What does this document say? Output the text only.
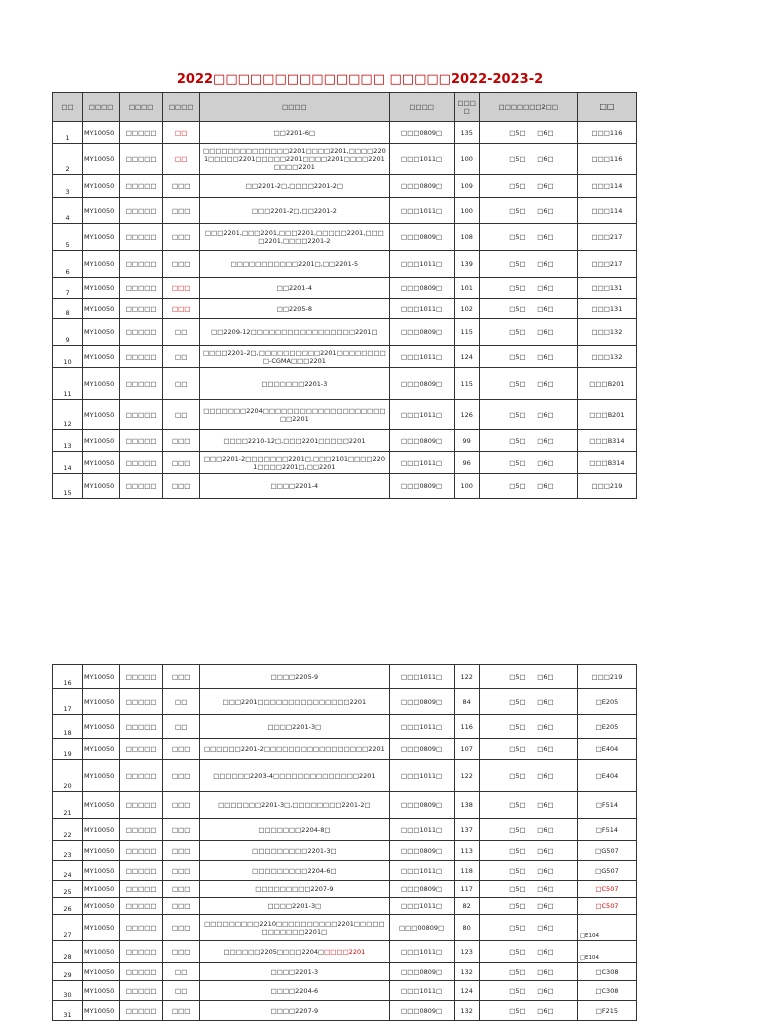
2022□□□□□□□□□□□□□□ □□□□□2022-2023-2
□□	□□□□	□□□□	□□□□	□□□□	□□□□	□□□□	□□□□□□□2□□	□□
1	MY10050	□□□□□	□□	□□2201-6□	□□□0809□	135	□5□ □6□	□□□116
2	MY10050	□□□□□	□□	□□□□□□□□□□□□□□2201□□□□2201,□□□□2201□□□□□2201□□□□□2201□□□□2201□□□□2201□□□□2201	□□□1011□	100	□5□ □6□	□□□116
3	MY10050	□□□□□	□□□	□□2201-2□,□□□□2201-2□	□□□0809□	109	□5□ □6□	□□□114
4	MY10050	□□□□□	□□□	□□□2201-2□,□□2201-2	□□□1011□	100	□5□ □6□	□□□114
5	MY10050	□□□□□	□□□	□□□2201,□□□2201,□□□2201,□□□□□2201,□□□□2201,□□□□2201-2	□□□0809□	108	□5□ □6□	□□□217
6	MY10050	□□□□□	□□□	□□□□□□□□□□□2201□,□□2201-5	□□□1011□	139	□5□ □6□	□□□217
7	MY10050	□□□□□	□□□	□□2201-4	□□□0809□	101	□5□ □6□	□□□131
8	MY10050	□□□□□	□□□	□□2205-8	□□□1011□	102	□5□ □6□	□□□131
9	MY10050	□□□□□	□□	□□2209-12□□□□□□□□□□□□□□□□□2201□	□□□0809□	115	□5□ □6□	□□□132
10	MY10050	□□□□□	□□	□□□□2201-2□,□□□□□□□□□□2201□□□□□□□□□-CGMA□□□2201	□□□1011□	124	□5□ □6□	□□□132
11	MY10050	□□□□□	□□	□□□□□□□2201-3	□□□0809□	115	□5□ □6□	□□□B201
12	MY10050	□□□□□	□□	□□□□□□□2204□□□□□□□□□□□□□□□□□□□□□□2201	□□□1011□	126	□5□ □6□	□□□B201
13	MY10050	□□□□□	□□□	□□□□2210-12□,□□□2201□□□□□2201	□□□0809□	99	□5□ □6□	□□□B314
14	MY10050	□□□□□	□□□	□□□2201-2□□□□□□□2201□,□□□2101□□□□2201□□□□2201□,□□2201	□□□1011□	96	□5□ □6□	□□□B314
15	MY10050	□□□□□	□□□	□□□□2201-4	□□□0809□	100	□5□ □6□	□□□219
16	MY10050	□□□□□	□□□	□□□□2205-9	□□□1011□	122	□5□ □6□	□□□219
17	MY10050	□□□□□	□□	□□□2201□□□□□□□□□□□□□□□2201	□□□0809□	84	□5□ □6□	□E205
18	MY10050	□□□□□	□□	□□□□2201-3□	□□□1011□	116	□5□ □6□	□E205
19	MY10050	□□□□□	□□□	□□□□□□2201-2□□□□□□□□□□□□□□□□□2201	□□□0809□	107	□5□ □6□	□E404
20	MY10050	□□□□□	□□□	□□□□□□2203-4□□□□□□□□□□□□□□2201	□□□1011□	122	□5□ □6□	□E404
21	MY10050	□□□□□	□□□	□□□□□□□2201-3□,□□□□□□□□2201-2□	□□□0809□	138	□5□ □6□	□F514
22	MY10050	□□□□□	□□□	□□□□□□□2204-8□	□□□1011□	137	□5□ □6□	□F514
23	MY10050	□□□□□	□□□	□□□□□□□□□2201-3□	□□□0809□	113	□5□ □6□	□G507
24	MY10050	□□□□□	□□□	□□□□□□□□□2204-6□	□□□1011□	118	□5□ □6□	□G507
25	MY10050	□□□□□	□□□	□□□□□□□□□2207-9	□□□0809□	117	□5□ □6□	□C507
26	MY10050	□□□□□	□□□	□□□□2201-3□	□□□1011□	82	□5□ □6□	□C507
27	MY10050	□□□□□	□□□	□□□□□□□□□2210□□□□□□□□□□2201□□□□□□□□□□□□2201□	□□□00809□	80	□5□ □6□	□E104
28	MY10050	□□□□□	□□□	□□□□□□2205□□□□2204□□□□□2201	□□□1011□	123	□5□ □6□	□E104
29	MY10050	□□□□□	□□	□□□□2201-3	□□□0809□	132	□5□ □6□	□C308
30	MY10050	□□□□□	□□	□□□□2204-6	□□□1011□	124	□5□ □6□	□C308
31	MY10050	□□□□□	□□□	□□□□2207-9	□□□0809□	132	□5□ □6□	□F215
